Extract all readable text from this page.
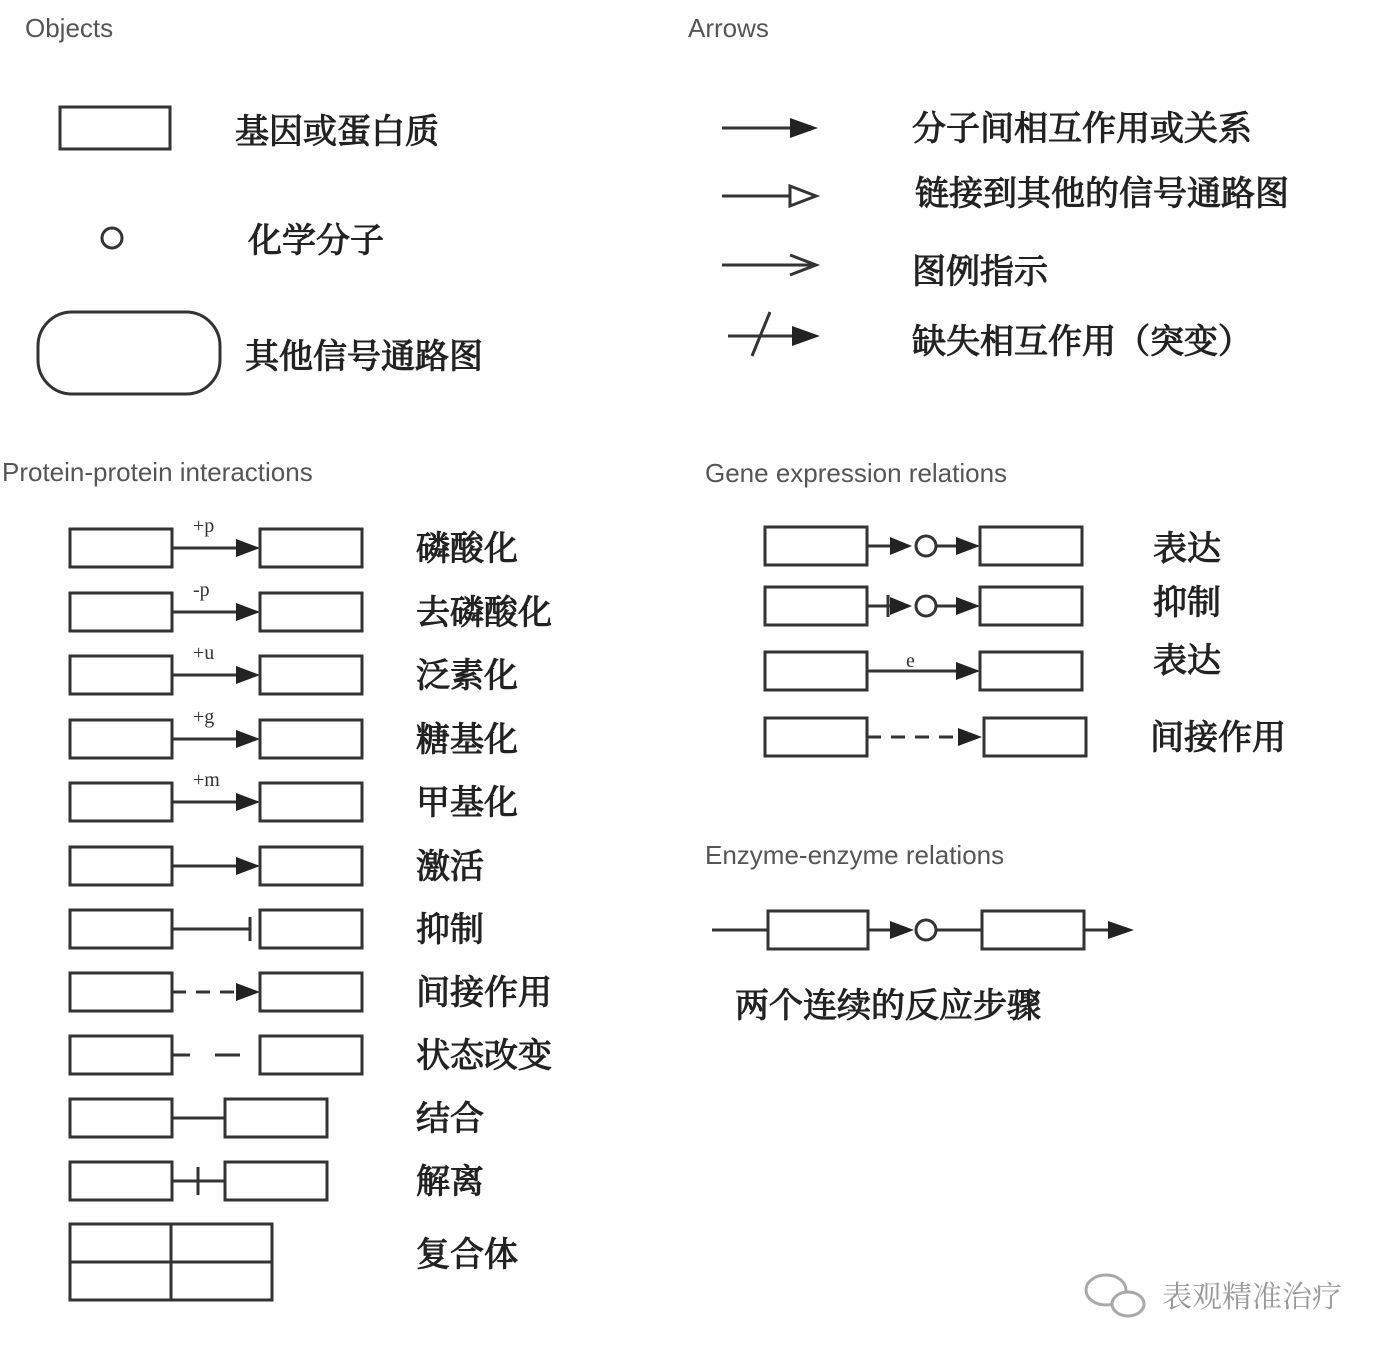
Objects	Arrows
Protein-protein interactions	Gene expression relations
Enzyme-enzyme relations
基因或蛋白质
化学分子
其他信号通路图
分子间相互作用或关系
链接到其他的信号通路图
图例指示
缺失相互作用（突变）
+p
磷酸化
-p
去磷酸化
+u
泛素化
+g
糖基化
+m
甲基化
激活
抑制
间接作用
状态改变
结合
解离
复合体
表达
抑制
e	表达
间接作用
两个连续的反应步骤
表观精准治疗
